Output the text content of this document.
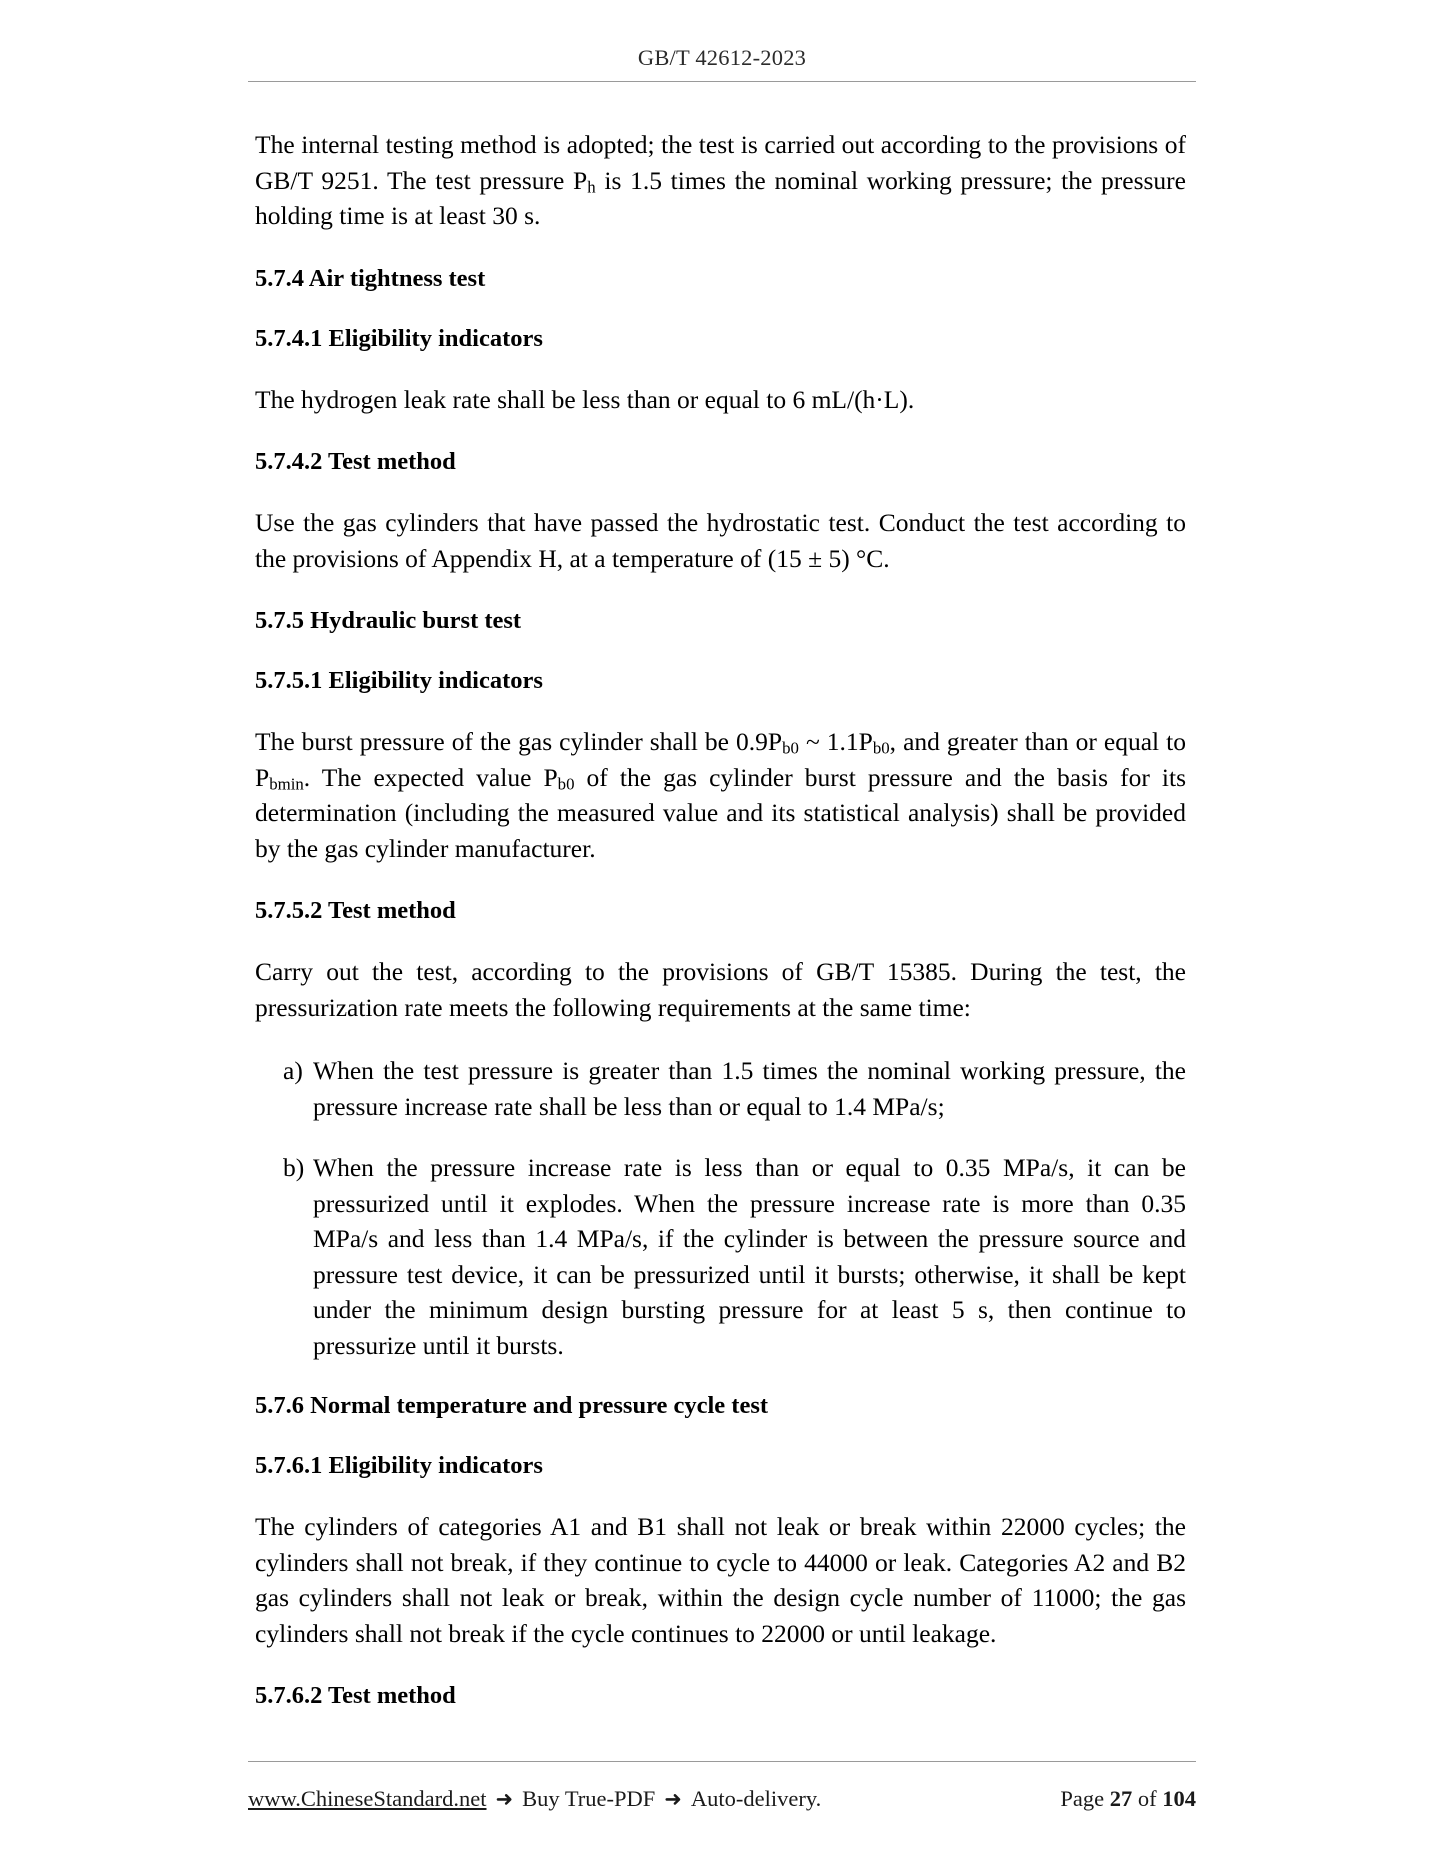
GB/T 42612-2023

The internal testing method is adopted; the test is carried out according to the provisions of GB/T 9251. The test pressure $P_h$ is 1.5 times the nominal working pressure; the pressure holding time is at least 30 s.

5.7.4 Air tightness test
5.7.4.1 Eligibility indicators

The hydrogen leak rate shall be less than or equal to 6 mL/(h·L).

5.7.4.2 Test method

Use the gas cylinders that have passed the hydrostatic test. Conduct the test according to the provisions of Appendix H, at a temperature of (15 ± 5) °C.

5.7.5 Hydraulic burst test
5.7.5.1 Eligibility indicators

The burst pressure of the gas cylinder shall be $0.9P_{b0}$ ~ $1.1P_{b0}$, and greater than or equal to $P_{bmin}$. The expected value $P_{b0}$ of the gas cylinder burst pressure and the basis for its determination (including the measured value and its statistical analysis) shall be provided by the gas cylinder manufacturer.

5.7.5.2 Test method

Carry out the test, according to the provisions of GB/T 15385. During the test, the pressurization rate meets the following requirements at the same time:

a) When the test pressure is greater than 1.5 times the nominal working pressure, the pressure increase rate shall be less than or equal to 1.4 MPa/s;
b) When the pressure increase rate is less than or equal to 0.35 MPa/s, it can be pressurized until it explodes. When the pressure increase rate is more than 0.35 MPa/s and less than 1.4 MPa/s, if the cylinder is between the pressure source and pressure test device, it can be pressurized until it bursts; otherwise, it shall be kept under the minimum design bursting pressure for at least 5 s, then continue to pressurize until it bursts.
5.7.6 Normal temperature and pressure cycle test
5.7.6.1 Eligibility indicators

The cylinders of categories A1 and B1 shall not leak or break within 22000 cycles; the cylinders shall not break, if they continue to cycle to 44000 or leak. Categories A2 and B2 gas cylinders shall not leak or break, within the design cycle number of 11000; the gas cylinders shall not break if the cycle continues to 22000 or until leakage.

5.7.6.2 Test method
www.ChineseStandard.net ➜ Buy True-PDF ➜ Auto-delivery.	Page 27 of 104
